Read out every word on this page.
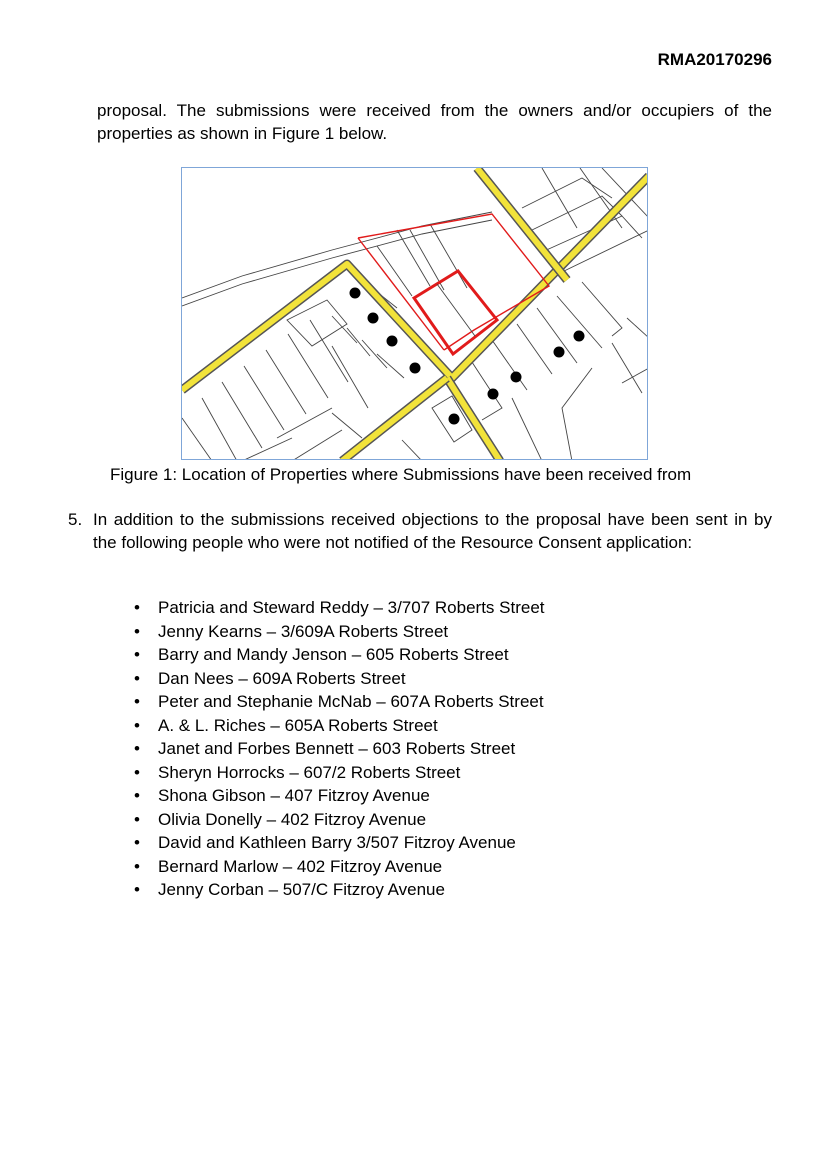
RMA20170296

proposal. The submissions were received from the owners and/or occupiers of the properties as shown in Figure 1 below.

Figure 1: Location of Properties where Submissions have been received from
5. In addition to the submissions received objections to the proposal have been sent in by the following people who were not notified of the Resource Consent application:

• Patricia and Steward Reddy – 3/707 Roberts Street
• Jenny Kearns – 3/609A Roberts Street
• Barry and Mandy Jenson – 605 Roberts Street
• Dan Nees – 609A Roberts Street
• Peter and Stephanie McNab – 607A Roberts Street
• A. & L. Riches – 605A Roberts Street
• Janet and Forbes Bennett – 603 Roberts Street
• Sheryn Horrocks – 607/2 Roberts Street
• Shona Gibson – 407 Fitzroy Avenue
• Olivia Donelly – 402 Fitzroy Avenue
• David and Kathleen Barry 3/507 Fitzroy Avenue
• Bernard Marlow – 402 Fitzroy Avenue
• Jenny Corban – 507/C Fitzroy Avenue
